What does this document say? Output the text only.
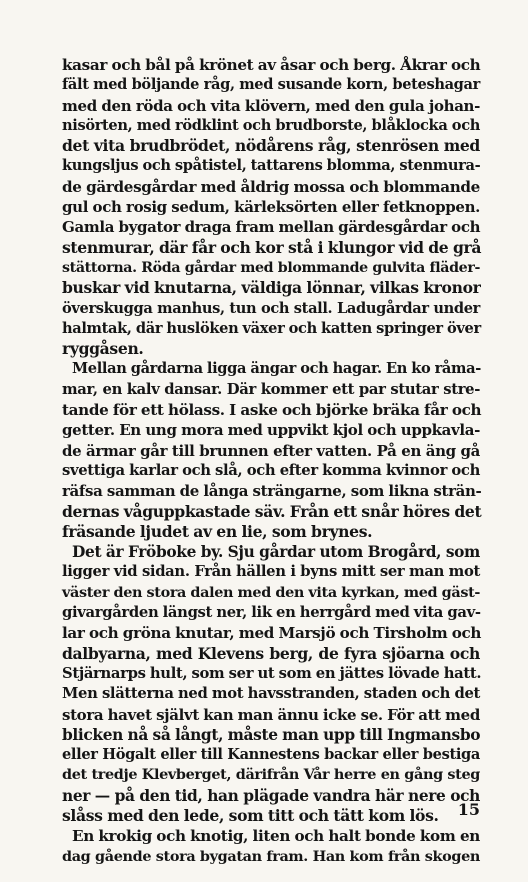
kasar och bål på krönet av åsar och berg. Åkrar och
fält med böljande råg, med susande korn, beteshagar
med den röda och vita klövern, med den gula johan-
nisörten, med rödklint och brudborste, blåklocka och
det vita brudbrödet, nödårens råg, stenrösen med
kungsljus och spåtistel, tattarens blomma, stenmura-
de gärdesgårdar med åldrig mossa och blommande
gul och rosig sedum, kärleksörten eller fetknoppen.
Gamla bygator draga fram mellan gärdesgårdar och
stenmurar, där får och kor stå i klungor vid de grå
stättorna. Röda gårdar med blommande gulvita fläder-
buskar vid knutarna, väldiga lönnar, vilkas kronor
överskugga manhus, tun och stall. Ladugårdar under
halmtak, där huslöken växer och katten springer över
ryggåsen.
Mellan gårdarna ligga ängar och hagar. En ko råma-
mar, en kalv dansar. Där kommer ett par stutar stre-
tande för ett hölass. I aske och björke bräka får och
getter. En ung mora med uppvikt kjol och uppkavla-
de ärmar går till brunnen efter vatten. På en äng gå
svettiga karlar och slå, och efter komma kvinnor och
räfsa samman de långa strängarne, som likna strän-
dernas våguppkastade säv. Från ett snår höres det
fräsande ljudet av en lie, som brynes.
Det är Fröboke by. Sju gårdar utom Brogård, som
ligger vid sidan. Från hällen i byns mitt ser man mot
väster den stora dalen med den vita kyrkan, med gäst-
givargården längst ner, lik en herrgård med vita gav-
lar och gröna knutar, med Marsjö och Tirsholm och
dalbyarna, med Klevens berg, de fyra sjöarna och
Stjärnarps hult, som ser ut som en jättes lövade hatt.
Men slätterna ned mot havsstranden, staden och det
stora havet självt kan man ännu icke se. För att med
blicken nå så långt, måste man upp till Ingmansbo
eller Högalt eller till Kannestens backar eller bestiga
det tredje Klevberget, därifrån Vår herre en gång steg
ner — på den tid, han plägade vandra här nere och
slåss med den lede, som titt och tätt kom lös.
En krokig och knotig, liten och halt bonde kom en
dag gående stora bygatan fram. Han kom från skogen
15
